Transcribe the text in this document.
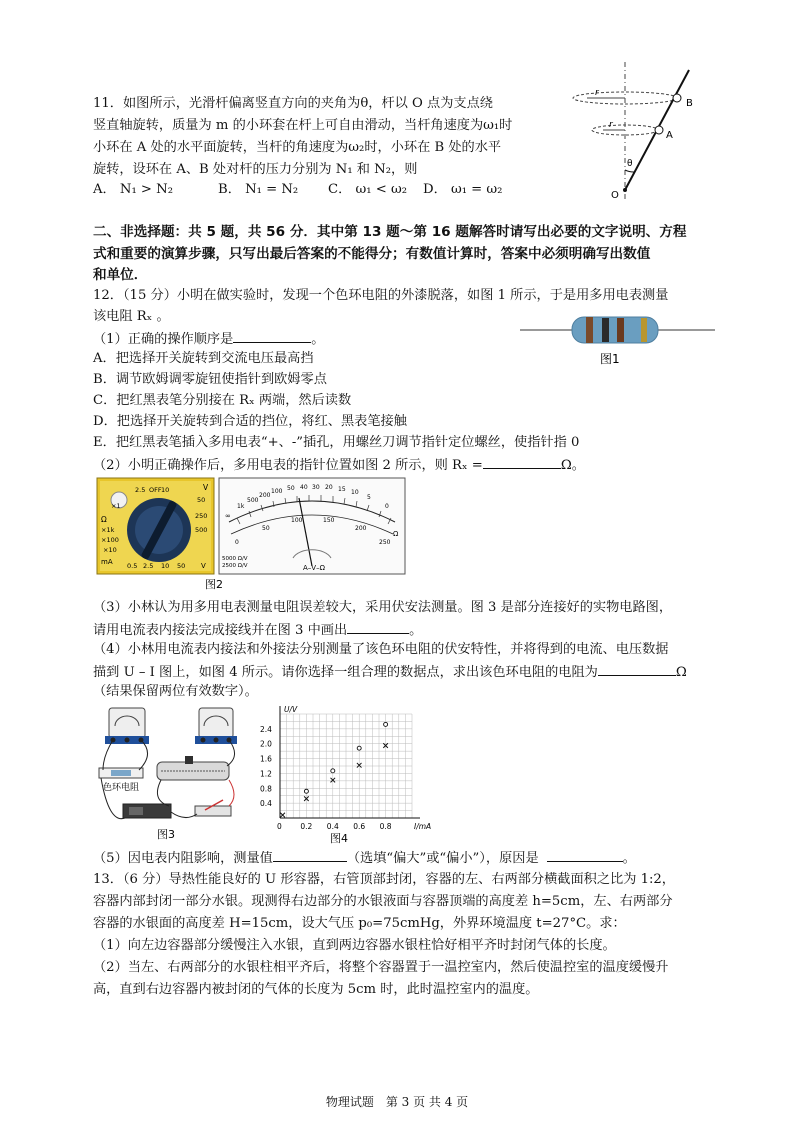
11．如图所示，光滑杆偏离竖直方向的夹角为θ，杆以 O 点为支点绕
竖直轴旋转，质量为 m 的小环套在杆上可自由滑动，当杆角速度为ω₁时
小环在 A 处的水平面旋转，当杆的角速度为ω₂时，小环在 B 处的水平
旋转，设环在 A、B 处对杆的压力分别为 N₁ 和 N₂，则
A． N₁ > N₂	B． N₁ = N₂ C． ω₁ < ω₂ D． ω₁ = ω₂
r
r
B
A
θ
O
二、非选择题：共 5 题，共 56 分．其中第 13 题～第 16 题解答时请写出必要的文字说明、方程
式和重要的演算步骤，只写出最后答案的不能得分；有数值计算时，答案中必须明确写出数值
和单位．
12．（15 分）小明在做实验时，发现一个色环电阻的外漆脱落，如图 1 所示，于是用多用电表测量
该电阻 Rₓ 。
（1）正确的操作顺序是	。
A．把选择开关旋转到交流电压最高挡
B．调节欧姆调零旋钮使指针到欧姆零点
C．把红黑表笔分别接在 Rₓ 两端，然后读数
D．把选择开关旋转到合适的挡位，将红、黑表笔接触
E．把红黑表笔插入多用电表“+、-”插孔，用螺丝刀调节指针定位螺丝，使指针指 0
图1
（2）小明正确操作后，多用电表的指针位置如图 2 所示，则 Rₓ =	Ω。
Ω
V
×1k
×100
×10
×1
OFF
2.5 10
50
250
500
mA 0.5 2.5 10 50 V
∞
1k
500
200
100 50 40 30 20 15 10
5
0
0
50
100	150
200
250
Ω
A–V–Ω
5000 Ω/V
2500 Ω/V
图2
（3）小林认为用多用电表测量电阻误差较大，采用伏安法测量。图 3 是部分连接好的实物电路图，
请用电流表内接法完成接线并在图 3 中画出	。
（4）小林用电流表内接法和外接法分别测量了该色环电阻的伏安特性，并将得到的电流、电压数据
描到 U – I 图上，如图 4 所示。请你选择一组合理的数据点，求出该色环电阻的电阻为	Ω
（结果保留两位有效数字）。
色环电阻
图3
0 0.2 0.4 0.6 0.8
0.4
0.8
1.2
1.6
2.0
2.4
I/mA
U/V
图4
（5）因电表内阻影响，测量值	（选填“偏大”或“偏小”），原因是	。
13．（6 分）导热性能良好的 U 形容器，右管顶部封闭，容器的左、右两部分横截面积之比为 1:2，
容器内部封闭一部分水银。现测得右边部分的水银液面与容器顶端的高度差 h=5cm，左、右两部分
容器的水银面的高度差 H=15cm，设大气压 p₀=75cmHg，外界环境温度 t=27°C。求：
（1）向左边容器部分缓慢注入水银，直到两边容器水银柱恰好相平齐时封闭气体的长度。
（2）当左、右两部分的水银柱相平齐后，将整个容器置于一温控室内，然后使温控室的温度缓慢升
高，直到右边容器内被封闭的气体的长度为 5cm 时，此时温控室内的温度。
物理试题　第 3 页 共 4 页
